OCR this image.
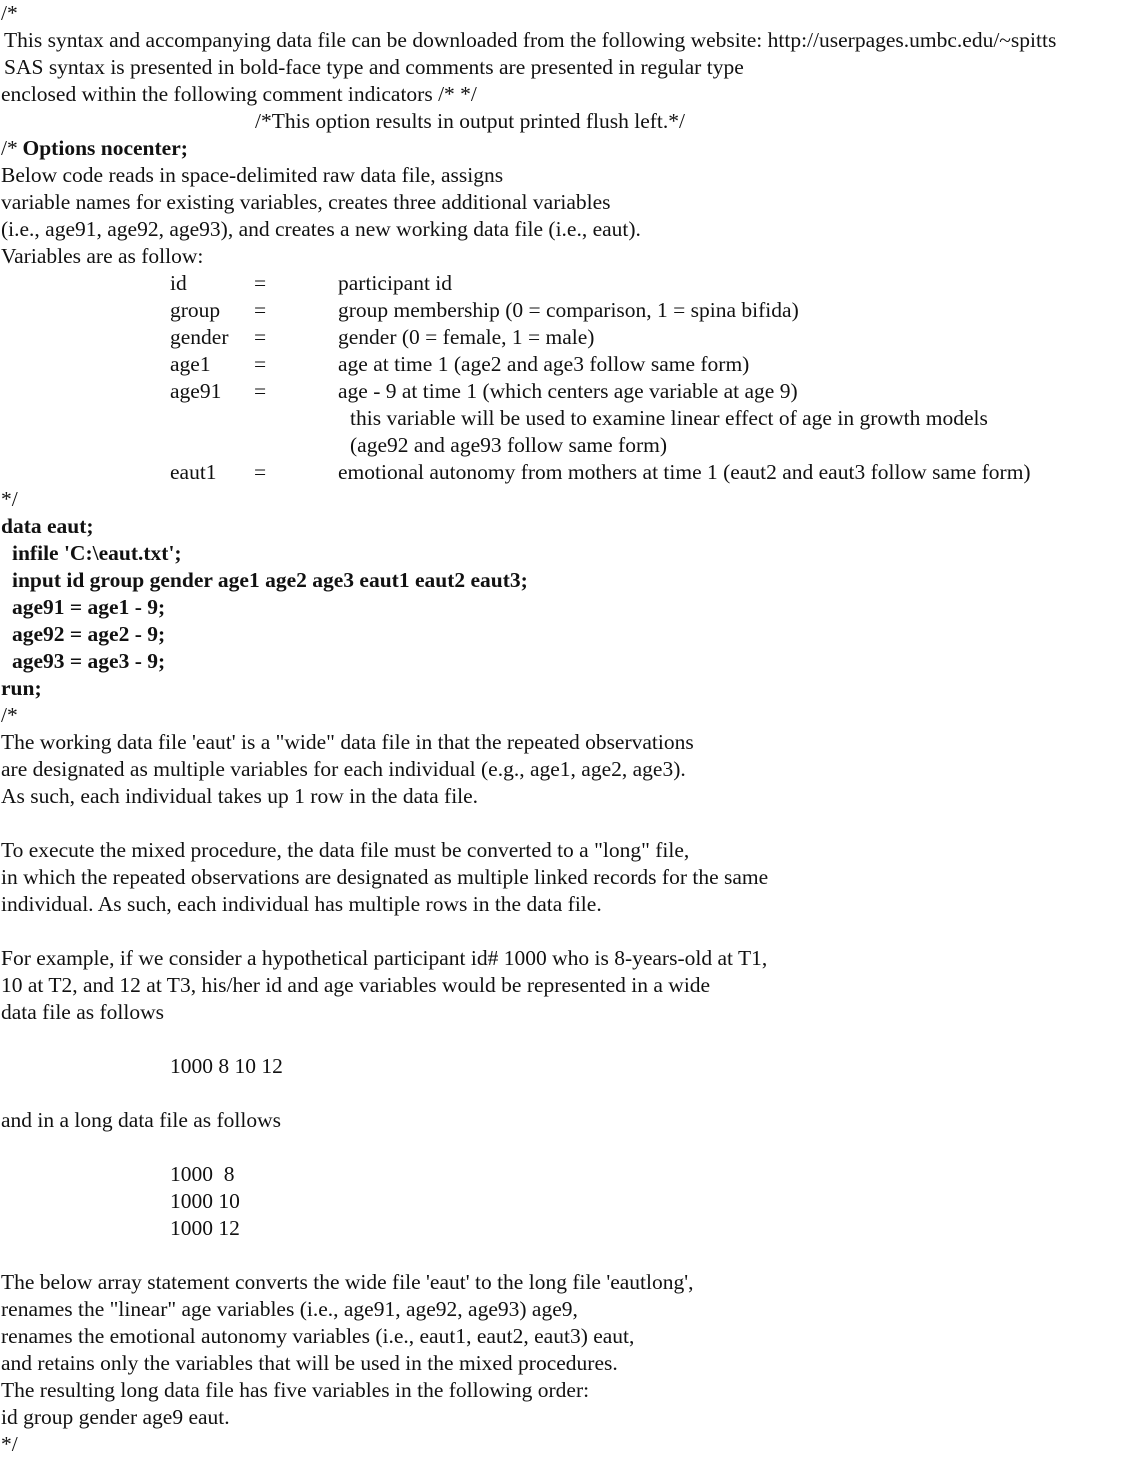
/*
This syntax and accompanying data file can be downloaded from the following website: http://userpages.umbc.edu/~spitts
SAS syntax is presented in bold-face type and comments are presented in regular type
enclosed within the following comment indicators /* */

Options nocenter;

/*This option results in output printed flush left.*/

/*
Below code reads in space-delimited raw data file, assigns
variable names for existing variables, creates three additional variables
(i.e., age91, age92, age93), and creates a new working data file (i.e., eaut).
Variables are as follow:
id	=	participant id
group =	group membership (0 = comparison, 1 = spina bifida)
gender =	gender (0 = female, 1 = male)
age1 =	age at time 1 (age2 and age3 follow same form)
age91 =	age - 9 at time 1 (which centers age variable at age 9)
this variable will be used to examine linear effect of age in growth models
(age92 and age93 follow same form)
eaut1 =	emotional autonomy from mothers at time 1 (eaut2 and eaut3 follow same form)
*/
data eaut;
infile 'C:\eaut.txt';
input id group gender age1 age2 age3 eaut1 eaut2 eaut3;
age91 = age1 - 9;
age92 = age2 - 9;
age93 = age3 - 9;
run;
/*
The working data file 'eaut' is a "wide" data file in that the repeated observations
are designated as multiple variables for each individual (e.g., age1, age2, age3).
As such, each individual takes up 1 row in the data file.
To execute the mixed procedure, the data file must be converted to a "long" file,
in which the repeated observations are designated as multiple linked records for the same
individual. As such, each individual has multiple rows in the data file.
For example, if we consider a hypothetical participant id# 1000 who is 8-years-old at T1,
10 at T2, and 12 at T3, his/her id and age variables would be represented in a wide
data file as follows
1000 8 10 12
and in a long data file as follows
1000  8
1000 10
1000 12
The below array statement converts the wide file 'eaut' to the long file 'eautlong',
renames the "linear" age variables (i.e., age91, age92, age93) age9,
renames the emotional autonomy variables (i.e., eaut1, eaut2, eaut3) eaut,
and retains only the variables that will be used in the mixed procedures.
The resulting long data file has five variables in the following order:
id group gender age9 eaut.
*/
